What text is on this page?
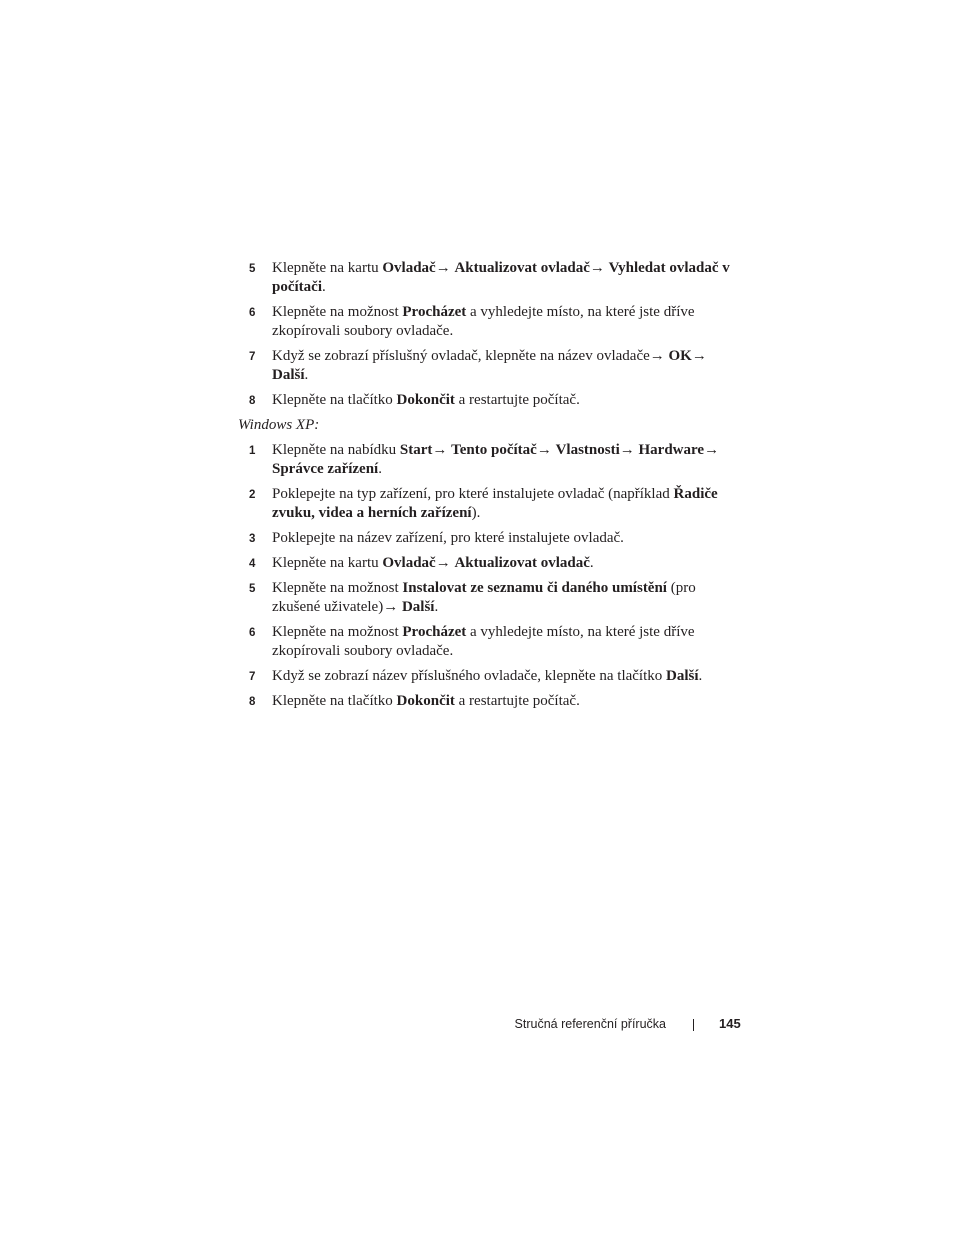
5 Klepněte na kartu Ovladač→ Aktualizovat ovladač→ Vyhledat ovladač v počítači.
6 Klepněte na možnost Procházet a vyhledejte místo, na které jste dříve zkopírovali soubory ovladače.
7 Když se zobrazí příslušný ovladač, klepněte na název ovladače→ OK→ Další.
8 Klepněte na tlačítko Dokončit a restartujte počítač.
Windows XP:
1 Klepněte na nabídku Start→ Tento počítač→ Vlastnosti→ Hardware→ Správce zařízení.
2 Poklepejte na typ zařízení, pro které instalujete ovladač (například Řadiče zvuku, videa a herních zařízení).
3 Poklepejte na název zařízení, pro které instalujete ovladač.
4 Klepněte na kartu Ovladač→ Aktualizovat ovladač.
5 Klepněte na možnost Instalovat ze seznamu či daného umístění (pro zkušené uživatele)→ Další.
6 Klepněte na možnost Procházet a vyhledejte místo, na které jste dříve zkopírovali soubory ovladače.
7 Když se zobrazí název příslušného ovladače, klepněte na tlačítko Další.
8 Klepněte na tlačítko Dokončit a restartujte počítač.
Stručná referenční příručka	145
